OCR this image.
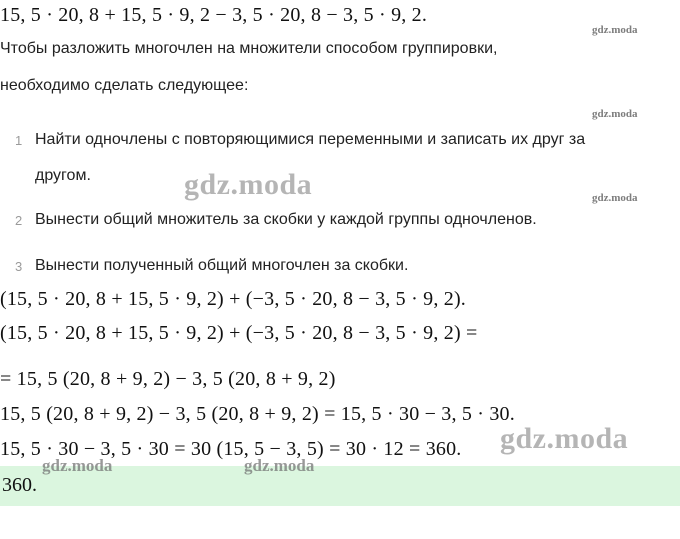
15, 5 · 20, 8 + 15, 5 · 9, 2 − 3, 5 · 20, 8 − 3, 5 · 9, 2.
gdz.moda
Чтобы разложить многочлен на множители способом группировки,
необходимо сделать следующее:
gdz.moda
1 Найти одночлены с повторяющимися переменными и записать их друг за
другом.
2 Вынести общий множитель за скобки у каждой группы одночленов.
3 Вынести полученный общий многочлен за скобки.
gdz.moda	gdz.moda
(15, 5 · 20, 8 + 15, 5 · 9, 2) + (−3, 5 · 20, 8 − 3, 5 · 9, 2).
(15, 5 · 20, 8 + 15, 5 · 9, 2) + (−3, 5 · 20, 8 − 3, 5 · 9, 2) =
= 15, 5 (20, 8 + 9, 2) − 3, 5 (20, 8 + 9, 2)
15, 5 (20, 8 + 9, 2) − 3, 5 (20, 8 + 9, 2) = 15, 5 · 30 − 3, 5 · 30.
15, 5 · 30 − 3, 5 · 30 = 30 (15, 5 − 3, 5) = 30 · 12 = 360.
360.
gdz.moda
gdz.moda	gdz.moda
